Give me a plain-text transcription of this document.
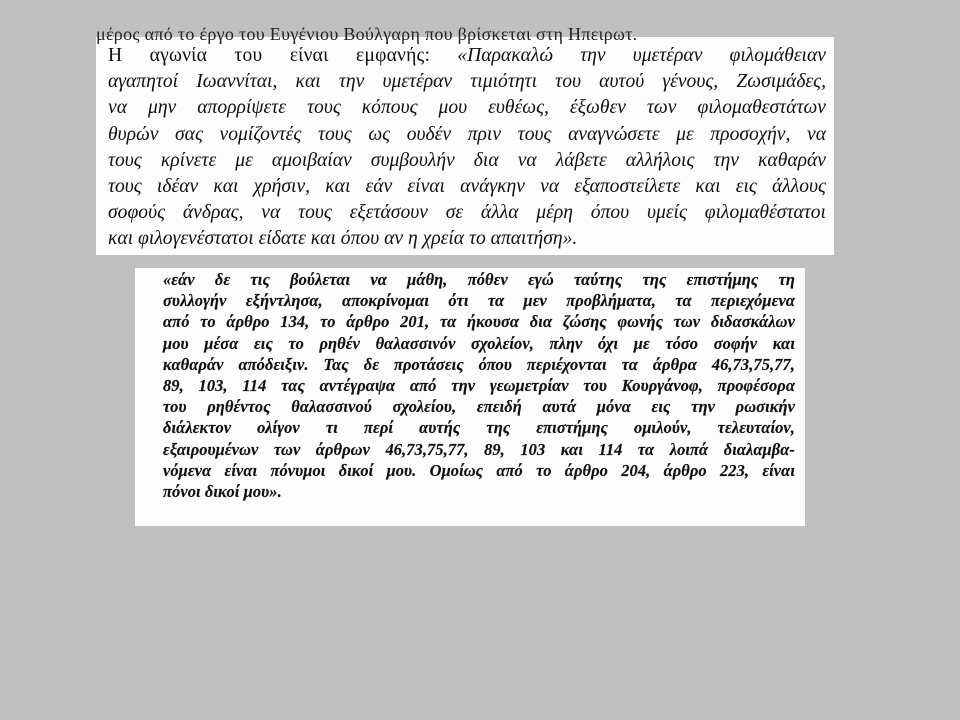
μέρος από το έργο του Ευγένιου Βούλγαρη που βρίσκεται στη Ηπειρωτ.
Η αγωνία του είναι εμφανής: «Παρακαλώ την υμετέραν φιλομάθειαν
αγαπητοί Ιωαννίται, και την υμετέραν τιμιότητι του αυτού γένους, Ζωσιμάδες,
να μην απορρίψετε τους κόπους μου ευθέως, έξωθεν των φιλομαθεστάτων
θυρών σας νομίζοντές τους ως ουδέν πριν τους αναγνώσετε με προσοχήν, να
τους κρίνετε με αμοιβαίαν συμβουλήν δια να λάβετε αλλήλοις την καθαράν
τους ιδέαν και χρήσιν, και εάν είναι ανάγκην να εξαποστείλετε και εις άλλους
σοφούς άνδρας, να τους εξετάσουν σε άλλα μέρη όπου υμείς φιλομαθέστατοι
και φιλογενέστατοι είδατε και όπου αν η χρεία το απαιτήση».
«εάν δε τις βούλεται να μάθη, πόθεν εγώ ταύτης της επιστήμης τη
συλλογήν εξήντλησα, αποκρίνομαι ότι τα μεν προβλήματα, τα περιεχόμενα
από το άρθρο 134, το άρθρο 201, τα ήκουσα δια ζώσης φωνής των διδασκάλων
μου μέσα εις το ρηθέν θαλασσινόν σχολείον, πλην όχι με τόσο σοφήν και
καθαράν απόδειξιν. Τας δε προτάσεις όπου περιέχονται τα άρθρα 46,73,75,77,
89, 103, 114 τας αντέγραψα από την γεωμετρίαν του Κουργάνοφ, προφέσορα
του ρηθέντος θαλασσινού σχολείου, επειδή αυτά μόνα εις την ρωσικήν
διάλεκτον ολίγον τι περί αυτής της επιστήμης ομιλούν, τελευταίον,
εξαιρουμένων των άρθρων 46,73,75,77, 89, 103 και 114 τα λοιπά διαλαμβα-
νόμενα είναι πόνυμοι δικοί μου. Ομοίως από το άρθρο 204, άρθρο 223, είναι
πόνοι δικοί μου».
